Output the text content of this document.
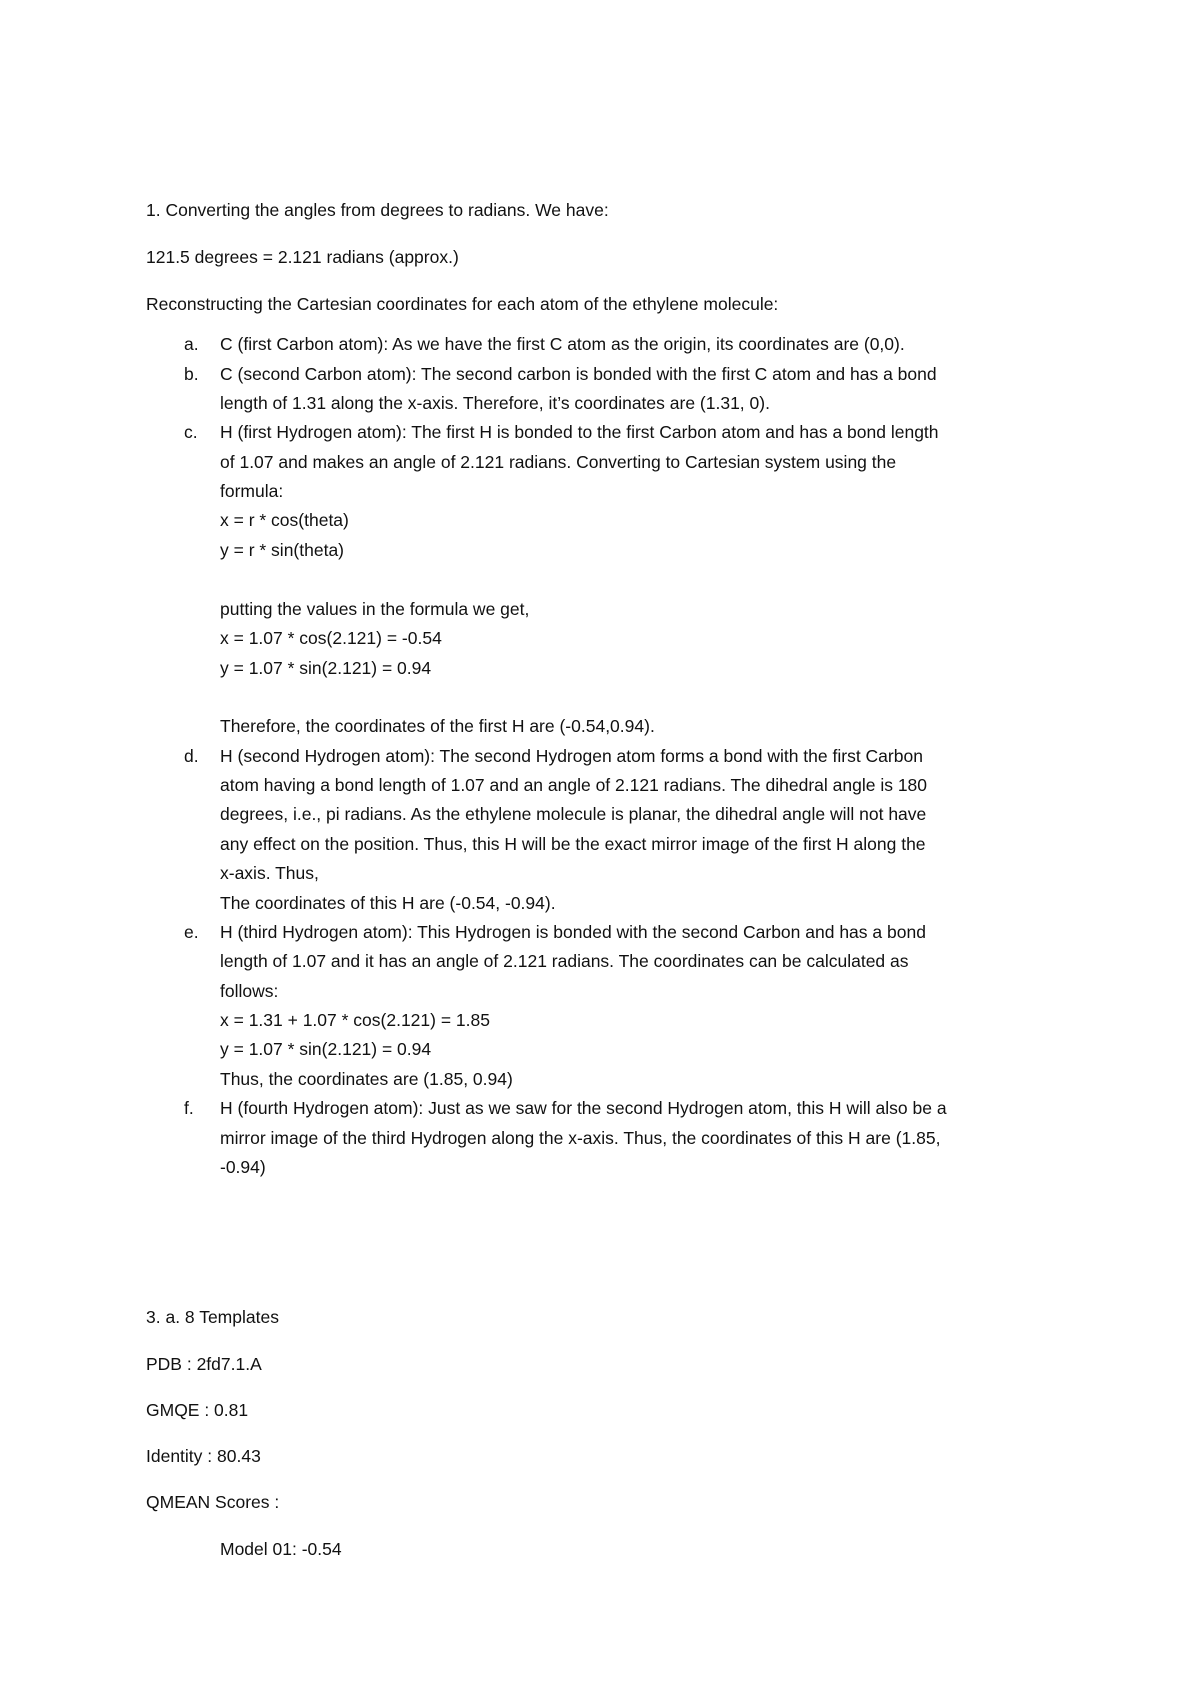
1. Converting the angles from degrees to radians. We have:
121.5 degrees = 2.121 radians (approx.)
Reconstructing the Cartesian coordinates for each atom of the ethylene molecule:
a. C (first Carbon atom): As we have the first C atom as the origin, its coordinates are (0,0).
b. C (second Carbon atom): The second carbon is bonded with the first C atom and has a bond
length of 1.31 along the x-axis. Therefore, it’s coordinates are (1.31, 0).
c. H (first Hydrogen atom): The first H is bonded to the first Carbon atom and has a bond length
of 1.07 and makes an angle of 2.121 radians. Converting to Cartesian system using the
formula:
x = r * cos(theta)
y = r * sin(theta)
putting the values in the formula we get,
x = 1.07 * cos(2.121) = -0.54
y = 1.07 * sin(2.121) = 0.94
Therefore, the coordinates of the first H are (-0.54,0.94).
d. H (second Hydrogen atom): The second Hydrogen atom forms a bond with the first Carbon
atom having a bond length of 1.07 and an angle of 2.121 radians. The dihedral angle is 180
degrees, i.e., pi radians. As the ethylene molecule is planar, the dihedral angle will not have
any effect on the position. Thus, this H will be the exact mirror image of the first H along the
x-axis. Thus,
The coordinates of this H are (-0.54, -0.94).
e. H (third Hydrogen atom): This Hydrogen is bonded with the second Carbon and has a bond
length of 1.07 and it has an angle of 2.121 radians. The coordinates can be calculated as
follows:
x = 1.31 + 1.07 * cos(2.121) = 1.85
y = 1.07 * sin(2.121) = 0.94
Thus, the coordinates are (1.85, 0.94)
f. H (fourth Hydrogen atom): Just as we saw for the second Hydrogen atom, this H will also be a
mirror image of the third Hydrogen along the x-axis. Thus, the coordinates of this H are (1.85,
-0.94)
3. a. 8 Templates
PDB : 2fd7.1.A
GMQE : 0.81
Identity : 80.43
QMEAN Scores :
Model 01: -0.54
